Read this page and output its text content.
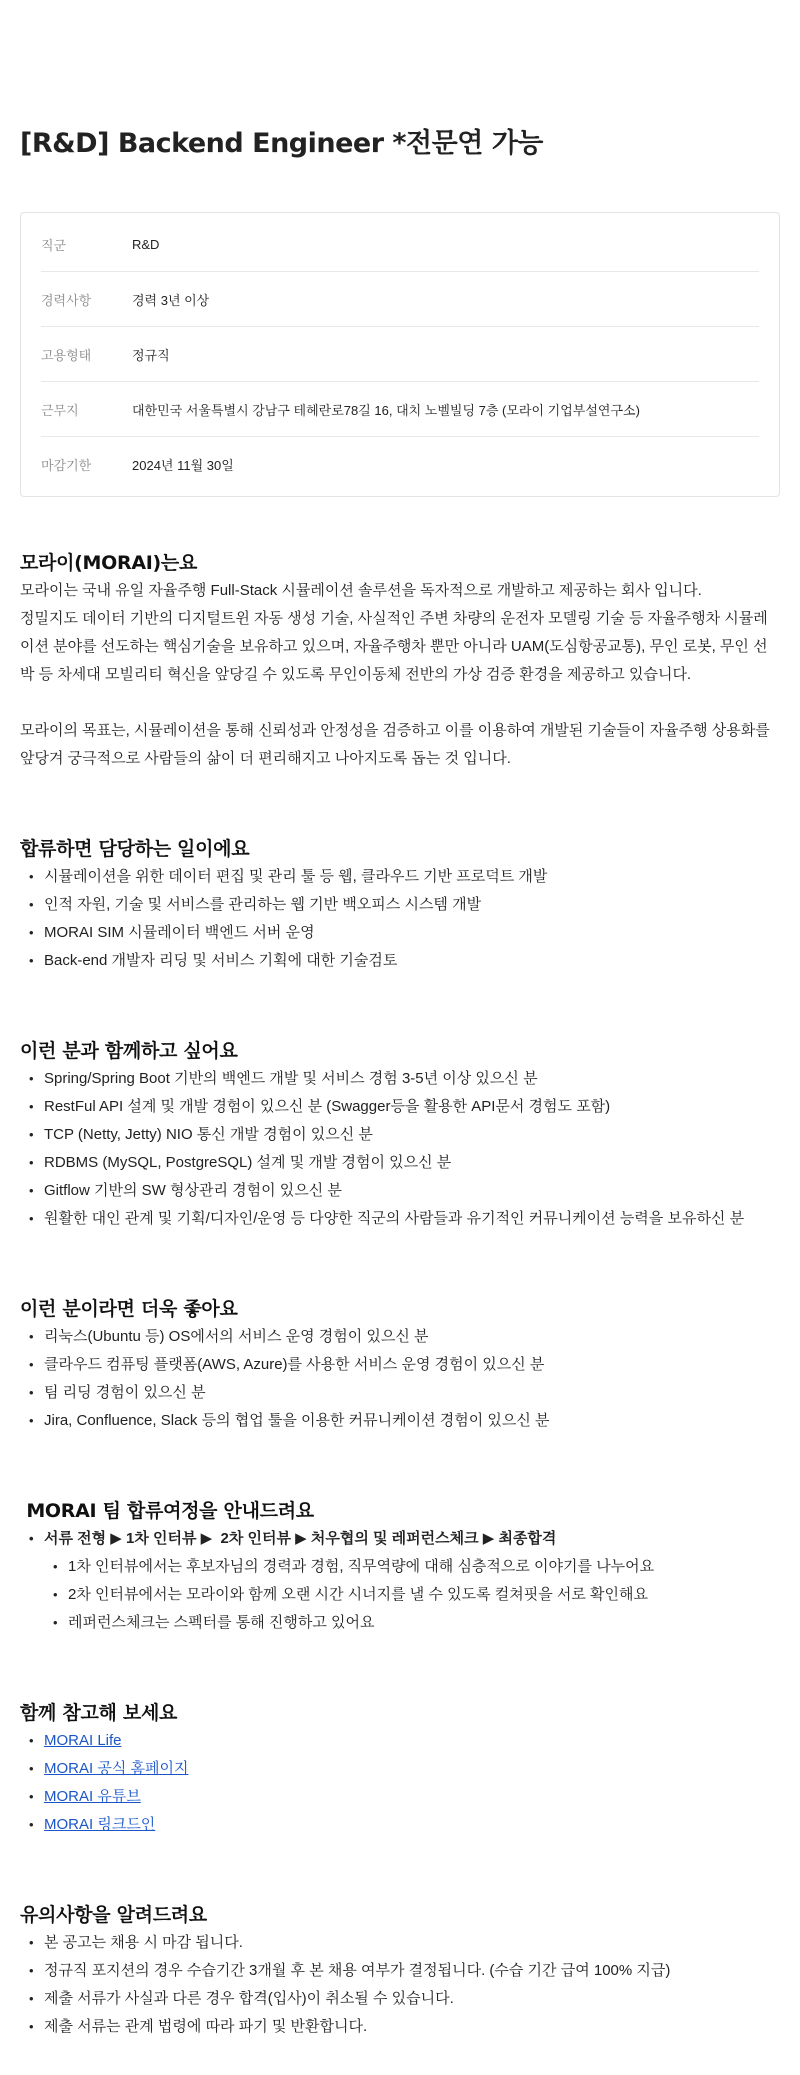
[R&D] Backend Engineer *전문연 가능
직군	R&D
경력사항	경력 3년 이상
고용형태	정규직
근무지	대한민국 서울특별시 강남구 테헤란로78길 16, 대치 노벨빌딩 7층 (모라이 기업부설연구소)
마감기한	2024년 11월 30일
모라이(MORAI)는요

모라이는 국내 유일 자율주행 Full-Stack 시뮬레이션 솔루션을 독자적으로 개발하고 제공하는 회사 입니다.

정밀지도 데이터 기반의 디지털트윈 자동 생성 기술, 사실적인 주변 차량의 운전자 모델링 기술 등 자율주행차 시뮬레이션 분야를 선도하는 핵심기술을 보유하고 있으며, 자율주행차 뿐만 아니라 UAM(도심항공교통), 무인 로봇, 무인 선박 등 차세대 모빌리티 혁신을 앞당길 수 있도록 무인이동체 전반의 가상 검증 환경을 제공하고 있습니다.

모라이의 목표는, 시뮬레이션을 통해 신뢰성과 안정성을 검증하고 이를 이용하여 개발된 기술들이 자율주행 상용화를 앞당겨 궁극적으로 사람들의 삶이 더 편리해지고 나아지도록 돕는 것 입니다.

합류하면 담당하는 일이에요
• 시뮬레이션을 위한 데이터 편집 및 관리 툴 등 웹, 클라우드 기반 프로덕트 개발
• 인적 자원, 기술 및 서비스를 관리하는 웹 기반 백오피스 시스템 개발
• MORAI SIM 시뮬레이터 백엔드 서버 운영
• Back-end 개발자 리딩 및 서비스 기획에 대한 기술검토
이런 분과 함께하고 싶어요
• Spring/Spring Boot 기반의 백엔드 개발 및 서비스 경험 3-5년 이상 있으신 분
• RestFul API 설계 및 개발 경험이 있으신 분 (Swagger등을 활용한 API문서 경험도 포함)
• TCP (Netty, Jetty) NIO 통신 개발 경험이 있으신 분
• RDBMS (MySQL, PostgreSQL) 설계 및 개발 경험이 있으신 분
• Gitflow 기반의 SW 형상관리 경험이 있으신 분
• 원활한 대인 관계 및 기획/디자인/운영 등 다양한 직군의 사람들과 유기적인 커뮤니케이션 능력을 보유하신 분
이런 분이라면 더욱 좋아요
• 리눅스(Ubuntu 등) OS에서의 서비스 운영 경험이 있으신 분
• 클라우드 컴퓨팅 플랫폼(AWS, Azure)를 사용한 서비스 운영 경험이 있으신 분
• 팀 리딩 경험이 있으신 분
• Jira, Confluence, Slack 등의 협업 툴을 이용한 커뮤니케이션 경험이 있으신 분
MORAI 팀 합류여정을 안내드려요
• 서류 전형 ▶ 1차 인터뷰 ▶  2차 인터뷰 ▶ 처우협의 및 레퍼런스체크 ▶ 최종합격
• 1차 인터뷰에서는 후보자님의 경력과 경험, 직무역량에 대해 심층적으로 이야기를 나누어요
• 2차 인터뷰에서는 모라이와 함께 오랜 시간 시너지를 낼 수 있도록 컬쳐핏을 서로 확인해요
• 레퍼런스체크는 스펙터를 통해 진행하고 있어요
함께 참고해 보세요
• MORAI Life
• MORAI 공식 홈페이지
• MORAI 유튜브
• MORAI 링크드인
유의사항을 알려드려요
• 본 공고는 채용 시 마감 됩니다.
• 정규직 포지션의 경우 수습기간 3개월 후 본 채용 여부가 결정됩니다. (수습 기간 급여 100% 지급)
• 제출 서류가 사실과 다른 경우 합격(입사)이 취소될 수 있습니다.
• 제출 서류는 관계 법령에 따라 파기 및 반환합니다.
